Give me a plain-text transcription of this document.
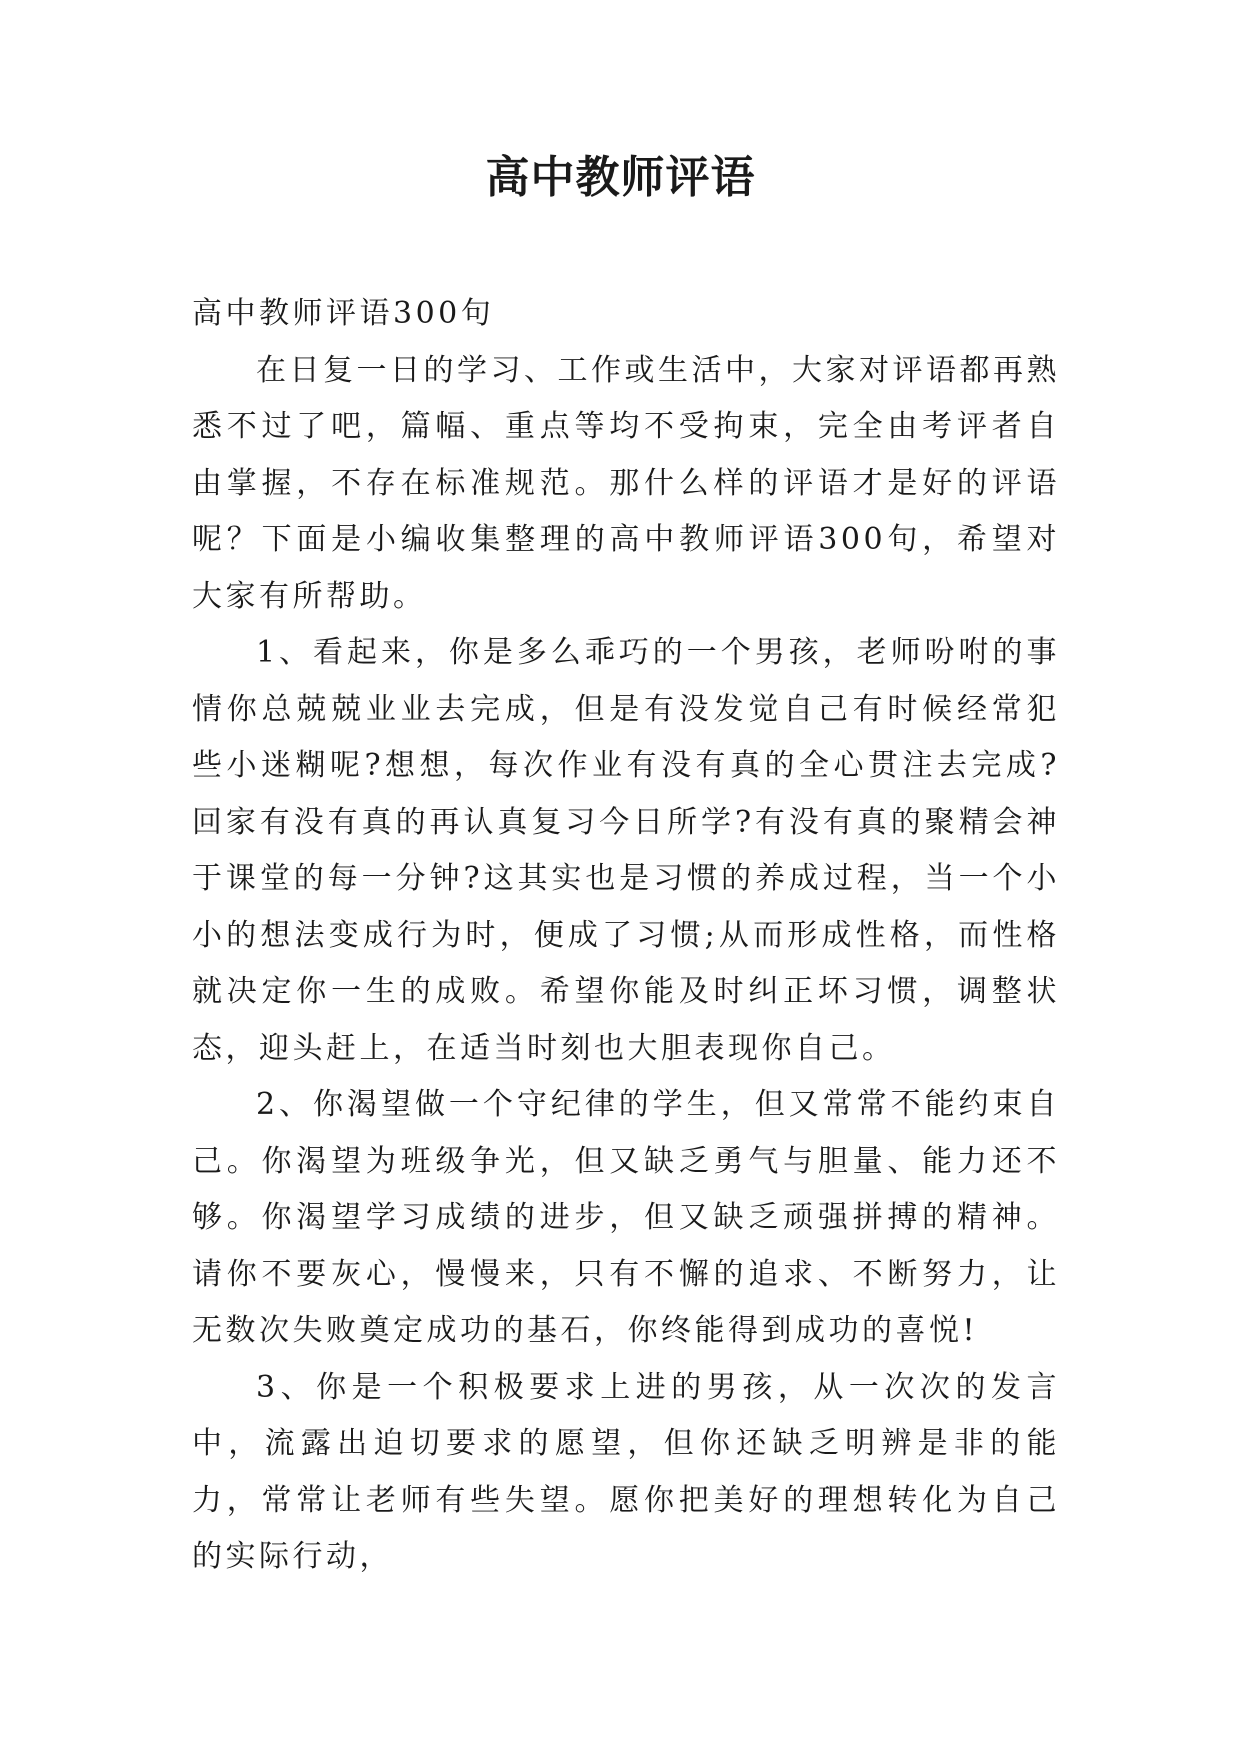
高中教师评语

高中教师评语300句

在日复一日的学习、工作或生活中，大家对评语都再熟悉不过了吧，篇幅、重点等均不受拘束，完全由考评者自由掌握，不存在标准规范。那什么样的评语才是好的评语呢？下面是小编收集整理的高中教师评语300句，希望对大家有所帮助。

1、看起来，你是多么乖巧的一个男孩，老师吩咐的事情你总兢兢业业去完成，但是有没发觉自己有时候经常犯些小迷糊呢?想想，每次作业有没有真的全心贯注去完成?回家有没有真的再认真复习今日所学?有没有真的聚精会神于课堂的每一分钟?这其实也是习惯的养成过程，当一个小小的想法变成行为时，便成了习惯;从而形成性格，而性格就决定你一生的成败。希望你能及时纠正坏习惯，调整状态，迎头赶上，在适当时刻也大胆表现你自己。

2、你渴望做一个守纪律的学生，但又常常不能约束自己。你渴望为班级争光，但又缺乏勇气与胆量、能力还不够。你渴望学习成绩的进步，但又缺乏顽强拼搏的精神。请你不要灰心，慢慢来，只有不懈的追求、不断努力，让无数次失败奠定成功的基石，你终能得到成功的喜悦!

3、你是一个积极要求上进的男孩，从一次次的发言中，流露出迫切要求的愿望，但你还缺乏明辨是非的能力，常常让老师有些失望。愿你把美好的理想转化为自己的实际行动，
